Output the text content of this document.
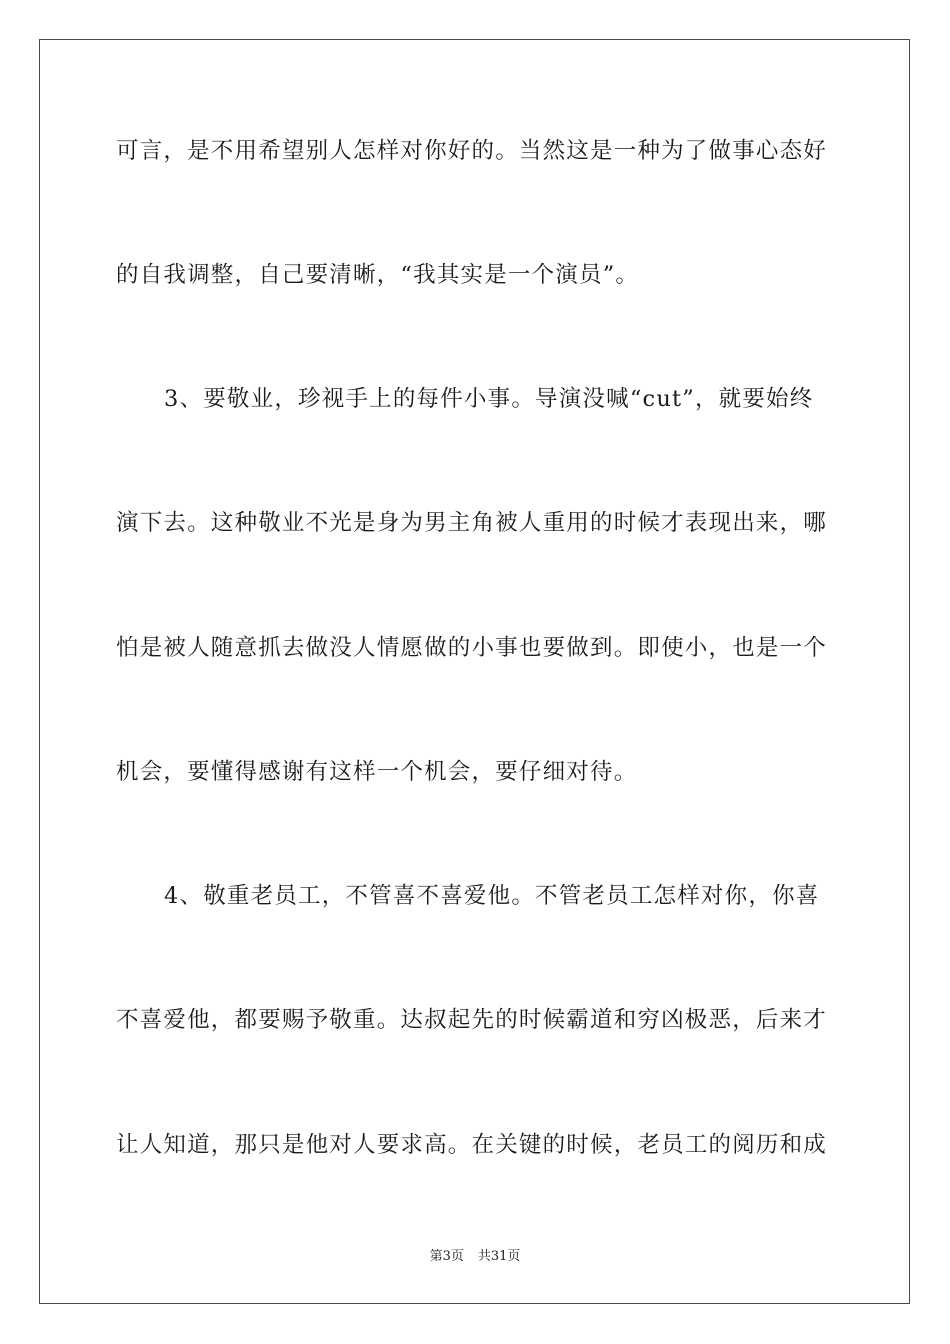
可言，是不用希望别人怎样对你好的。当然这是一种为了做事心态好

的自我调整，自己要清晰，“我其实是一个演员”。

3、要敬业，珍视手上的每件小事。导演没喊“cut”，就要始终

演下去。这种敬业不光是身为男主角被人重用的时候才表现出来，哪

怕是被人随意抓去做没人情愿做的小事也要做到。即使小，也是一个

机会，要懂得感谢有这样一个机会，要仔细对待。

4、敬重老员工，不管喜不喜爱他。不管老员工怎样对你，你喜

不喜爱他，都要赐予敬重。达叔起先的时候霸道和穷凶极恶，后来才

让人知道，那只是他对人要求高。在关键的时候，老员工的阅历和成

第3页 共31页
